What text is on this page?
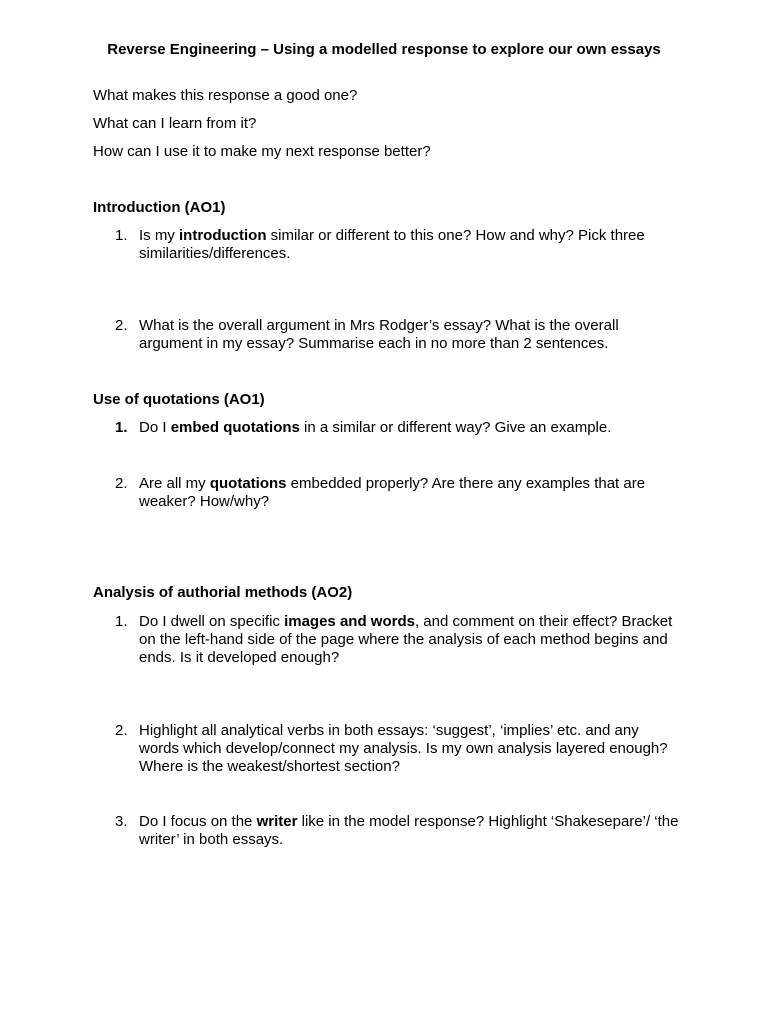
Reverse Engineering – Using a modelled response to explore our own essays
What makes this response a good one?
What can I learn from it?
How can I use it to make my next response better?
Introduction (AO1)
1. Is my introduction similar or different to this one? How and why? Pick three similarities/differences.
2. What is the overall argument in Mrs Rodger’s essay? What is the overall argument in my essay? Summarise each in no more than 2 sentences.
Use of quotations (AO1)
1. Do I embed quotations in a similar or different way? Give an example.
2. Are all my quotations embedded properly? Are there any examples that are weaker? How/why?
Analysis of authorial methods (AO2)
1. Do I dwell on specific images and words, and comment on their effect? Bracket on the left-hand side of the page where the analysis of each method begins and ends. Is it developed enough?
2. Highlight all analytical verbs in both essays: ‘suggest’, ‘implies’ etc. and any words which develop/connect my analysis. Is my own analysis layered enough? Where is the weakest/shortest section?
3. Do I focus on the writer like in the model response? Highlight ‘Shakesepare’/ ‘the writer’ in both essays.
